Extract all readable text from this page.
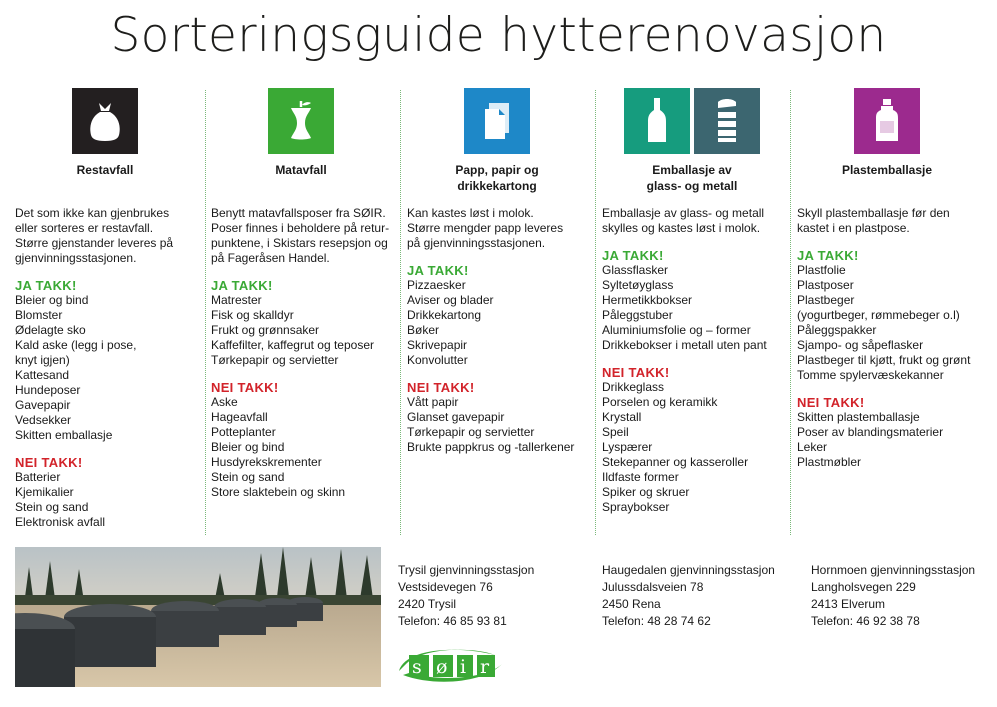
Sorteringsguide hytterenovasjon
Restavfall
Det som ikke kan gjenbrukes
eller sorteres er restavfall.
Større gjenstander leveres på
gjenvinningsstasjonen.
JA TAKK!
Bleier og bind
Blomster
Ødelagte sko
Kald aske (legg i pose,
knyt igjen)
Kattesand
Hundeposer
Gavepapir
Vedsekker
Skitten emballasje
NEI TAKK!
Batterier
Kjemikalier
Stein og sand
Elektronisk avfall
Matavfall
Benytt matavfallsposer fra SØIR.
Poser finnes i beholdere på retur-
punktene, i Skistars resepsjon og
på Fageråsen Handel.
JA TAKK!
Matrester
Fisk og skalldyr
Frukt og grønnsaker
Kaffefilter, kaffegrut og teposer
Tørkepapir og servietter
NEI TAKK!
Aske
Hageavfall
Potteplanter
Bleier og bind
Husdyrekskrementer
Stein og sand
Store slaktebein og skinn
Papp, papir og
drikkekartong
Kan kastes løst i molok.
Større mengder papp leveres
på gjenvinningsstasjonen.
JA TAKK!
Pizzaesker
Aviser og blader
Drikkekartong
Bøker
Skrivepapir
Konvolutter
NEI TAKK!
Vått papir
Glanset gavepapir
Tørkepapir og servietter
Brukte pappkrus og -tallerkener
Emballasje av
glass- og metall
Emballasje av glass- og metall
skylles og kastes løst i molok.
JA TAKK!
Glassflasker
Syltetøyglass
Hermetikkbokser
Påleggstuber
Aluminiumsfolie og – former
Drikkebokser i metall uten pant
NEI TAKK!
Drikkeglass
Porselen og keramikk
Krystall
Speil
Lyspærer
Stekepanner og kasseroller
Ildfaste former
Spiker og skruer
Spraybokser
Plastemballasje
Skyll plastemballasje før den
kastet i en plastpose.
JA TAKK!
Plastfolie
Plastposer
Plastbeger
(yogurtbeger, rømmebeger o.l)
Påleggspakker
Sjampo- og såpeflasker
Plastbeger til kjøtt, frukt og grønt
Tomme spylervæskekanner
NEI TAKK!
Skitten plastemballasje
Poser av blandingsmaterier
Leker
Plastmøbler
Trysil gjenvinningsstasjon
Vestsidevegen 76
2420 Trysil
Telefon: 46 85 93 81
Haugedalen gjenvinningsstasjon
Julussdalsveien 78
2450 Rena
Telefon: 48 28 74 62
Hornmoen gjenvinningsstasjon
Langholsvegen 229
2413 Elverum
Telefon: 46 92 38 78
s ø i r
